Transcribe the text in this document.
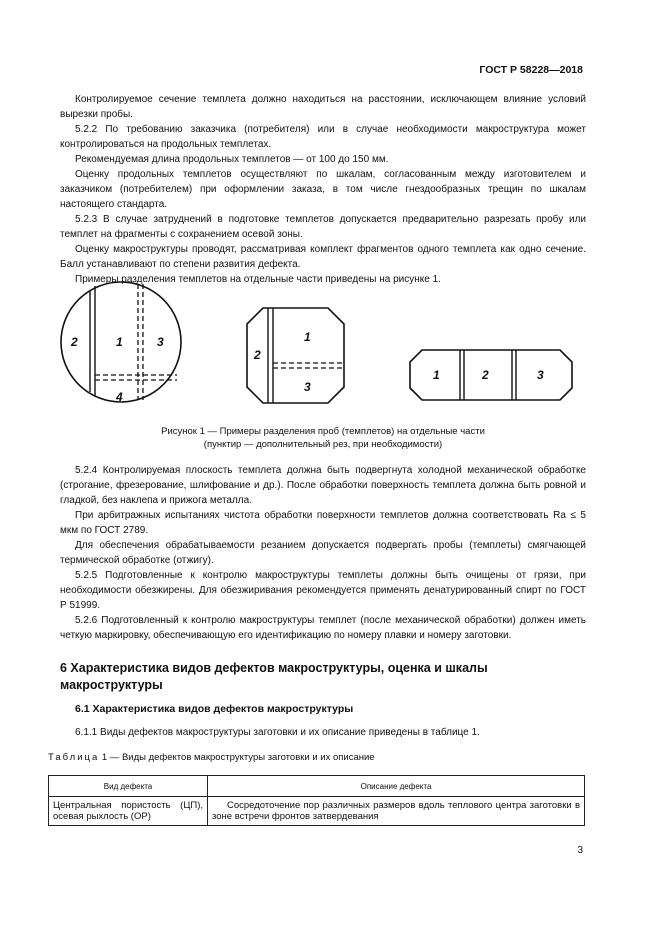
ГОСТ Р 58228—2018

Контролируемое сечение темплета должно находиться на расстоянии, исключающем влияние условий вырезки пробы.

5.2.2 По требованию заказчика (потребителя) или в случае необходимости макроструктура может контролироваться на продольных темплетах.

Рекомендуемая длина продольных темплетов — от 100 до 150 мм.

Оценку продольных темплетов осуществляют по шкалам, согласованным между изготовителем и заказчиком (потребителем) при оформлении заказа, в том числе гнездообразных трещин по шкалам настоящего стандарта.

5.2.3 В случае затруднений в подготовке темплетов допускается предварительно разрезать пробу или темплет на фрагменты с сохранением осевой зоны.

Оценку макроструктуры проводят, рассматривая комплект фрагментов одного темплета как одно сечение. Балл устанавливают по степени развития дефекта.

Примеры разделения темплетов на отдельные части приведены на рисунке 1.

1
2	3
4
1
2
3
1	2	3
Рисунок 1 — Примеры разделения проб (темплетов) на отдельные части
(пунктир — дополнительный рез, при необходимости)

5.2.4 Контролируемая плоскость темплета должна быть подвергнута холодной механической обработке (строгание, фрезерование, шлифование и др.). После обработки поверхность темплета должна быть ровной и гладкой, без наклепа и прижога металла.

При арбитражных испытаниях чистота обработки поверхности темплетов должна соответствовать Ra ≤ 5 мкм по ГОСТ 2789.

Для обеспечения обрабатываемости резанием допускается подвергать пробы (темплеты) смягчающей термической обработке (отжигу).

5.2.5 Подготовленные к контролю макроструктуры темплеты должны быть очищены от грязи, при необходимости обезжирены. Для обезжиривания рекомендуется применять денатурированный спирт по ГОСТ Р 51999.

5.2.6 Подготовленный к контролю макроструктуры темплет (после механической обработки) должен иметь четкую маркировку, обеспечивающую его идентификацию по номеру плавки и номеру заготовки.

6 Характеристика видов дефектов макроструктуры, оценка и шкалы макроструктуры
6.1 Характеристика видов дефектов макроструктуры
6.1.1 Виды дефектов макроструктуры заготовки и их описание приведены в таблице 1.
Таблица 1 — Виды дефектов макроструктуры заготовки и их описание
Вид дефекта	Описание дефекта
Центральная пористость (ЦП), осевая рыхлость (ОР)	Сосредоточение пор различных размеров вдоль теплового центра заготовки в зоне встречи фронтов затвердевания
3
